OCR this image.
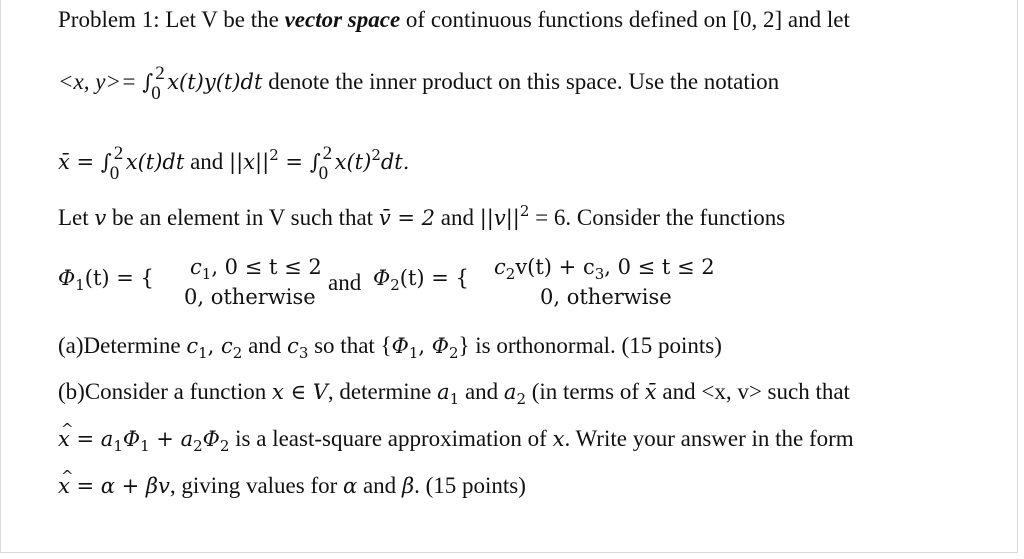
Problem 1: Let V be the vector space of continuous functions defined on [0, 2] and let
<x, y>= ∫ 2
0 x(t)y(t)dt denote the inner product on this space. Use the notation
x̄ = ∫ 2
0 x(t)dt and $||x||^2$ = ∫ 2
0 $x(t)^2dt$.
Let v be an element in V such that v̄ = 2 and $||v||^2 = 6$. Consider the functions
$\Phi_1(t)$ = { $c_1$, 0 ≤ t ≤ 2
0, otherwise
and $\Phi_2(t)$ = { $c_2v(t) + c_3$, 0 ≤ t ≤ 2
0, otherwise
(a)Determine $c_1$, $c_2$ and $c_3$ so that {$\Phi_1$, $\Phi_2$} is orthonormal. (15 points)
(b)Consider a function x ∈ V, determine $a_1$ and $a_2$ (in terms of x̄ and <x, v> such that
^ $x = a_1\Phi_1 + a_2\Phi_2$ is a least-square approximation of x. Write your answer in the form
^ x = α + βv, giving values for α and β. (15 points)
